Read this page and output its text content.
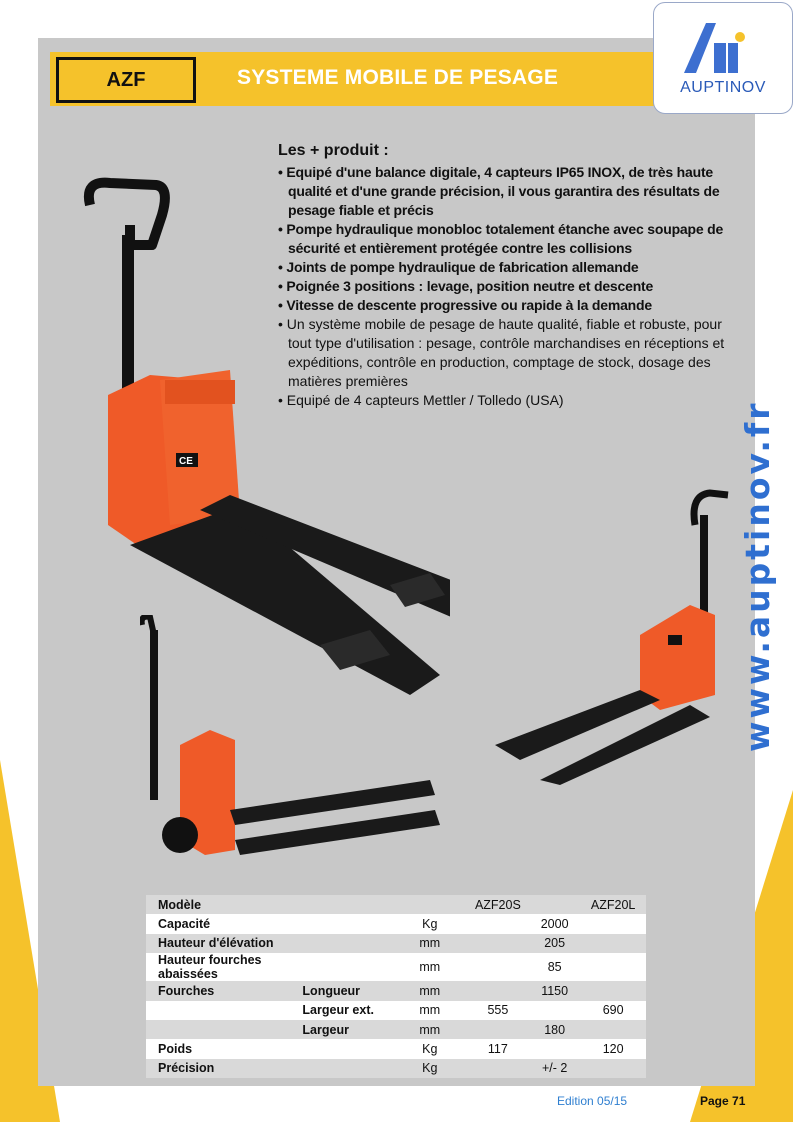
AZF	SYSTEME MOBILE DE PESAGE	AUPTINOV
Les + produit :
• Equipé d'une balance digitale, 4 capteurs IP65 INOX, de très haute qualité et d'une grande précision, il vous garantira des résultats de pesage fiable et précis
• Pompe hydraulique monobloc totalement étanche avec soupape de sécurité et entièrement protégée contre les collisions
• Joints de pompe hydraulique de fabrication allemande
• Poignée 3 positions : levage, position neutre et descente
• Vitesse de descente progressive ou rapide à la demande
• Un système mobile de pesage de haute qualité, fiable et robuste, pour tout type d'utilisation : pesage, contrôle marchandises en réceptions et expéditions, contrôle en production, comptage de stock, dosage des matières premières
• Equipé de 4 capteurs Mettler / Tolledo (USA)
www.auptinov.fr
CE
Modèle			AZF20S		AZF20L
Capacité		Kg		2000	
Hauteur d'élévation		mm		205	
Hauteur fourches abaissées		mm		85	
Fourches	Longueur	mm		1150	
	Largeur ext.	mm	555		690
	Largeur	mm		180	
Poids		Kg	117		120
Précision		Kg		+/- 2	
Edition 05/15	Page 71
